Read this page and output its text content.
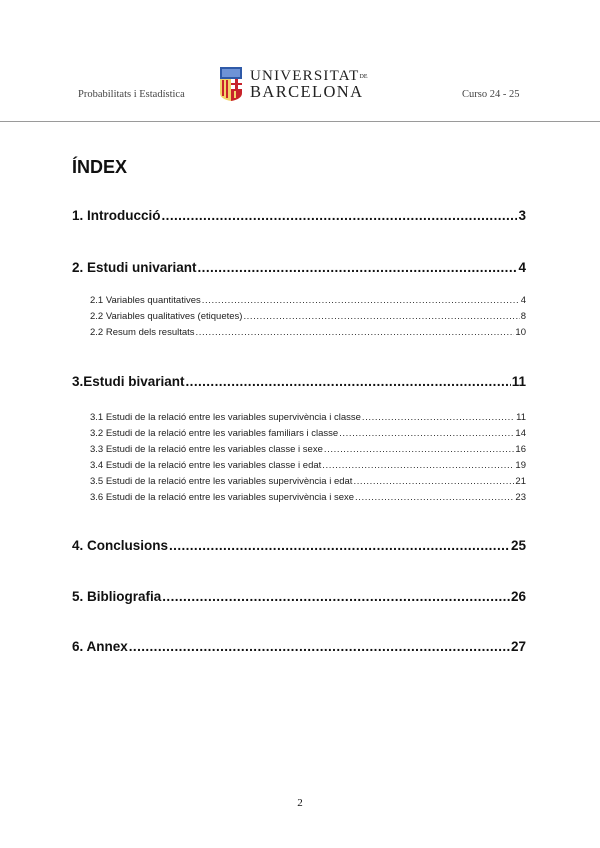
Probabilitats i Estadística
UNIVERSITATDE
BARCELONA	Curso 24 - 25
ÍNDEX
1. Introducció .....	3
2. Estudi univariant .....	4
2.1 Variables quantitatives .....	4
2.2 Variables qualitatives (etiquetes) .....	8
2.2 Resum dels resultats .....	10
3.Estudi bivariant .....	11
3.1 Estudi de la relació entre les variables supervivència i classe .....	11
3.2 Estudi de la relació entre les variables familiars i classe .....	14
3.3 Estudi de la relació entre les variables classe i sexe .....	16
3.4 Estudi de la relació entre les variables classe i edat .....	19
3.5 Estudi de la relació entre les variables supervivència i edat .....	21
3.6 Estudi de la relació entre les variables supervivència i sexe .....	23
4. Conclusions .....	25
5. Bibliografia .....	26
6. Annex .....	27
2
